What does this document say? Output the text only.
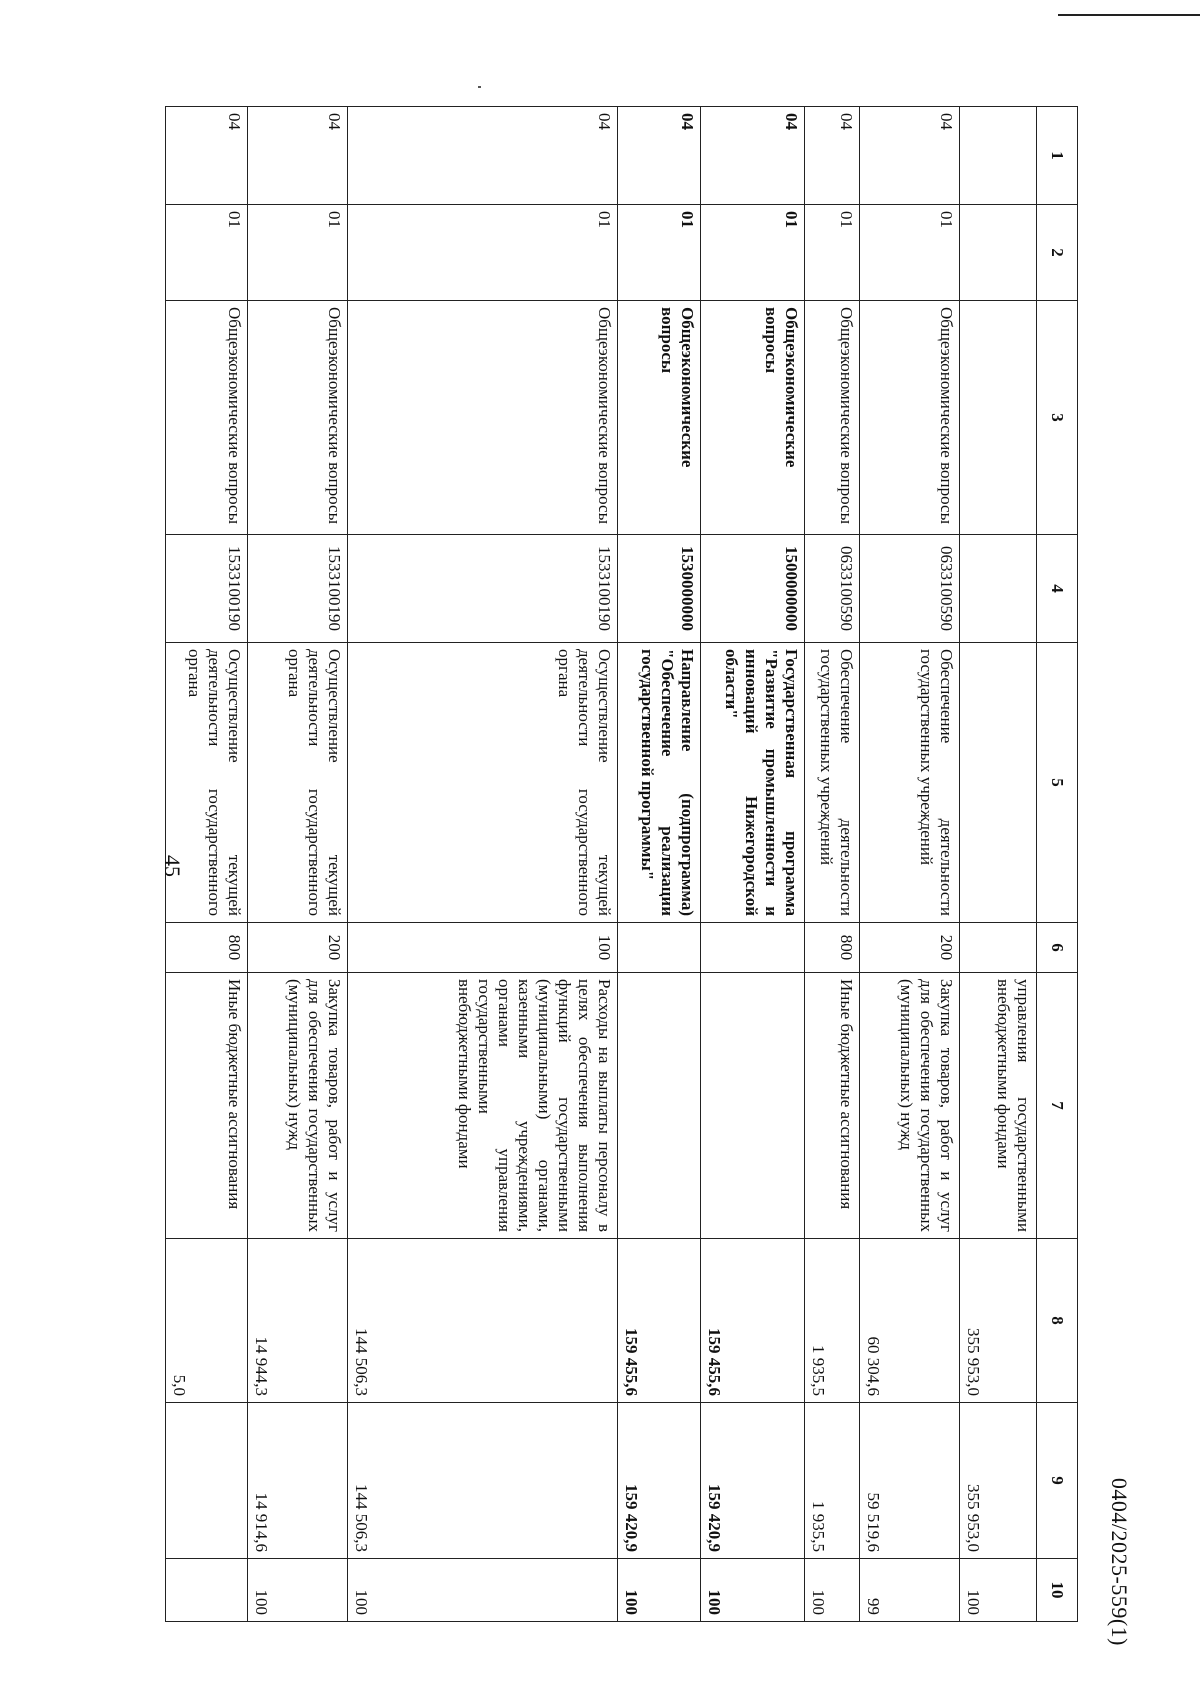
0404/2025-559(1)
1	2	3	4	5	6	7	8	9	10
						управления государственными внебюджетными фондами	355 953,0	355 953,0	100
04	01	Общеэкономические вопросы	0633100590	Обеспечение деятельности государственных учреждений	200	Закупка товаров, работ и услуг для обеспечения государственных (муниципальных) нужд	60 304,6	59 519,6	99
04	01	Общеэкономические вопросы	0633100590	Обеспечение деятельности государственных учреждений	800	Иные бюджетные ассигнования	1 935,5	1 935,5	100
04	01	Общеэкономические вопросы	1500000000	Государственная программа "Развитие промышленности и инноваций Нижегородской области"			159 455,6	159 420,9	100
04	01	Общеэкономические вопросы	1530000000	Направление (подпрограмма) "Обеспечение реализации государственной программы"			159 455,6	159 420,9	100
04	01	Общеэкономические вопросы	1533100190	Осуществление текущей деятельности государственного органа	100	Расходы на выплаты персоналу в целях обеспечения выполнения функций государственными (муниципальными) органами, казенными учреждениями, органами управления государственными внебюджетными фондами	144 506,3	144 506,3	100
04	01	Общеэкономические вопросы	1533100190	Осуществление текущей деятельности государственного органа	200	Закупка товаров, работ и услуг для обеспечения государственных (муниципальных) нужд	14 944,3	14 914,6	100
04	01	Общеэкономические вопросы	1533100190	Осуществление текущей деятельности государственного органа	800	Иные бюджетные ассигнования	5,0		
45
